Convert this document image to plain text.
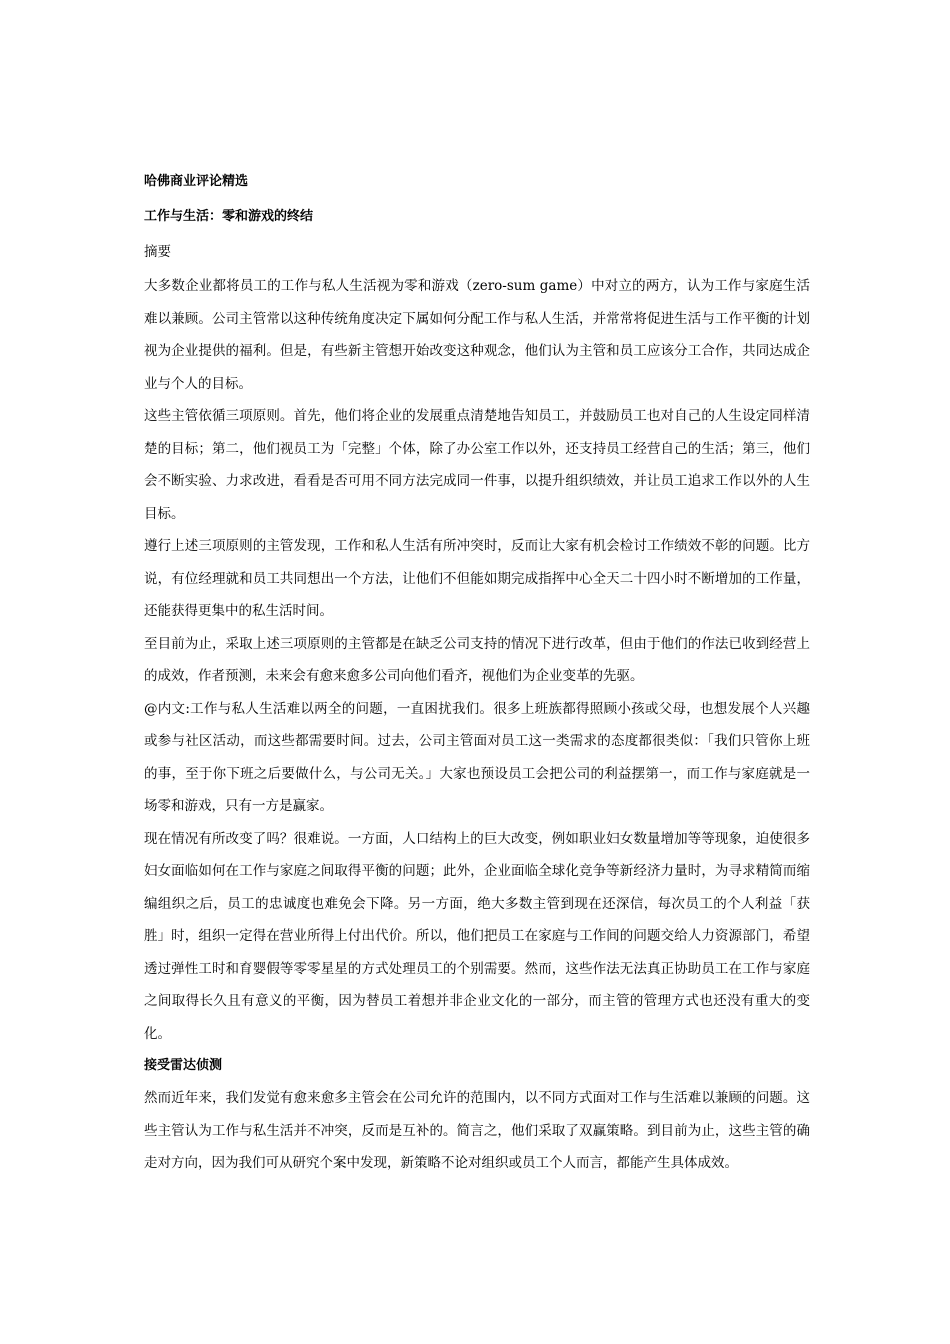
哈佛商业评论精选
工作与生活：零和游戏的终结
摘要

大多数企业都将员工的工作与私人生活视为零和游戏（zero-sum game）中对立的两方，认为工作与家庭生活难以兼顾。公司主管常以这种传统角度决定下属如何分配工作与私人生活，并常常将促进生活与工作平衡的计划视为企业提供的福利。但是，有些新主管想开始改变这种观念，他们认为主管和员工应该分工合作，共同达成企业与个人的目标。

这些主管依循三项原则。首先，他们将企业的发展重点清楚地告知员工，并鼓励员工也对自己的人生设定同样清楚的目标；第二，他们视员工为「完整」个体，除了办公室工作以外，还支持员工经营自己的生活；第三，他们会不断实验、力求改进，看看是否可用不同方法完成同一件事，以提升组织绩效，并让员工追求工作以外的人生目标。

遵行上述三项原则的主管发现，工作和私人生活有所冲突时，反而让大家有机会检讨工作绩效不彰的问题。比方说，有位经理就和员工共同想出一个方法，让他们不但能如期完成指挥中心全天二十四小时不断增加的工作量，还能获得更集中的私生活时间。

至目前为止，采取上述三项原则的主管都是在缺乏公司支持的情况下进行改革，但由于他们的作法已收到经营上的成效，作者预测，未来会有愈来愈多公司向他们看齐，视他们为企业变革的先驱。

@内文:工作与私人生活难以两全的问题，一直困扰我们。很多上班族都得照顾小孩或父母，也想发展个人兴趣或参与社区活动，而这些都需要时间。过去，公司主管面对员工这一类需求的态度都很类似：「我们只管你上班的事，至于你下班之后要做什么，与公司无关。」大家也预设员工会把公司的利益摆第一，而工作与家庭就是一场零和游戏，只有一方是赢家。

现在情况有所改变了吗？很难说。一方面，人口结构上的巨大改变，例如职业妇女数量增加等等现象，迫使很多妇女面临如何在工作与家庭之间取得平衡的问题；此外，企业面临全球化竞争等新经济力量时，为寻求精简而缩编组织之后，员工的忠诚度也难免会下降。另一方面，绝大多数主管到现在还深信，每次员工的个人利益「获胜」时，组织一定得在营业所得上付出代价。所以，他们把员工在家庭与工作间的问题交给人力资源部门，希望透过弹性工时和育婴假等零零星星的方式处理员工的个别需要。然而，这些作法无法真正协助员工在工作与家庭之间取得长久且有意义的平衡，因为替员工着想并非企业文化的一部分，而主管的管理方式也还没有重大的变化。

接受雷达侦测

然而近年来，我们发觉有愈来愈多主管会在公司允许的范围内，以不同方式面对工作与生活难以兼顾的问题。这些主管认为工作与私生活并不冲突，反而是互补的。简言之，他们采取了双赢策略。到目前为止，这些主管的确走对方向，因为我们可从研究个案中发现，新策略不论对组织或员工个人而言，都能产生具体成效。
